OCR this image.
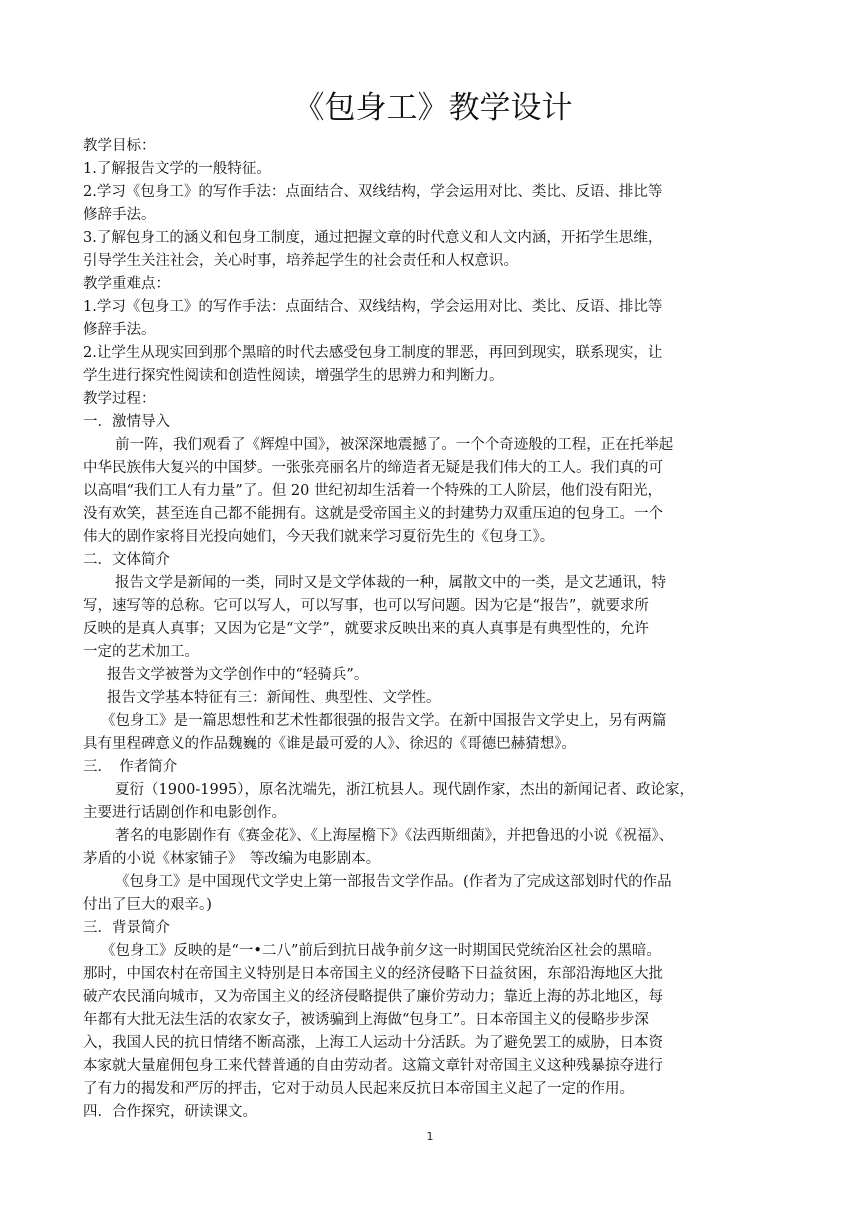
《包身工》教学设计

教学目标：

1.了解报告文学的一般特征。

2.学习《包身工》的写作手法：点面结合、双线结构，学会运用对比、类比、反语、排比等

修辞手法。

3.了解包身工的涵义和包身工制度，通过把握文章的时代意义和人文内涵，开拓学生思维，

引导学生关注社会，关心时事，培养起学生的社会责任和人权意识。

教学重难点：

1.学习《包身工》的写作手法：点面结合、双线结构，学会运用对比、类比、反语、排比等

修辞手法。

2.让学生从现实回到那个黑暗的时代去感受包身工制度的罪恶，再回到现实，联系现实，让

学生进行探究性阅读和创造性阅读，增强学生的思辨力和判断力。

教学过程：

一．激情导入

前一阵，我们观看了《辉煌中国》，被深深地震撼了。一个个奇迹般的工程，正在托举起

中华民族伟大复兴的中国梦。一张张亮丽名片的缔造者无疑是我们伟大的工人。我们真的可

以高唱“我们工人有力量”了。但 20 世纪初却生活着一个特殊的工人阶层，他们没有阳光，

没有欢笑，甚至连自己都不能拥有。这就是受帝国主义的封建势力双重压迫的包身工。一个

伟大的剧作家将目光投向她们，今天我们就来学习夏衍先生的《包身工》。

二．文体简介

报告文学是新闻的一类，同时又是文学体裁的一种，属散文中的一类，是文艺通讯，特

写，速写等的总称。它可以写人，可以写事，也可以写问题。因为它是“报告”，就要求所

反映的是真人真事；又因为它是“文学”，就要求反映出来的真人真事是有典型性的，允许

一定的艺术加工。

报告文学被誉为文学创作中的“轻骑兵”。

报告文学基本特征有三：新闻性、典型性、文学性。

《包身工》是一篇思想性和艺术性都很强的报告文学。在新中国报告文学史上，另有两篇

具有里程碑意义的作品魏巍的《谁是最可爱的人》、徐迟的《哥德巴赫猜想》。

三．　作者简介

夏衍（1900-1995），原名沈端先，浙江杭县人。现代剧作家，杰出的新闻记者、政论家，

主要进行话剧创作和电影创作。

著名的电影剧作有《赛金花》、《上海屋檐下》《法西斯细菌》，并把鲁迅的小说《祝福》、

茅盾的小说《林家铺子》　等改编为电影剧本。

《包身工》是中国现代文学史上第一部报告文学作品。(作者为了完成这部划时代的作品

付出了巨大的艰辛。)

三．背景简介

《包身工》反映的是“一•二八”前后到抗日战争前夕这一时期国民党统治区社会的黑暗。

那时，中国农村在帝国主义特别是日本帝国主义的经济侵略下日益贫困，东部沿海地区大批

破产农民涌向城市，又为帝国主义的经济侵略提供了廉价劳动力；靠近上海的苏北地区，每

年都有大批无法生活的农家女子，被诱骗到上海做“包身工”。日本帝国主义的侵略步步深

入，我国人民的抗日情绪不断高涨，上海工人运动十分活跃。为了避免罢工的威胁，日本资

本家就大量雇佣包身工来代替普通的自由劳动者。这篇文章针对帝国主义这种残暴掠夺进行

了有力的揭发和严厉的抨击，它对于动员人民起来反抗日本帝国主义起了一定的作用。

四．合作探究，研读课文。

1
